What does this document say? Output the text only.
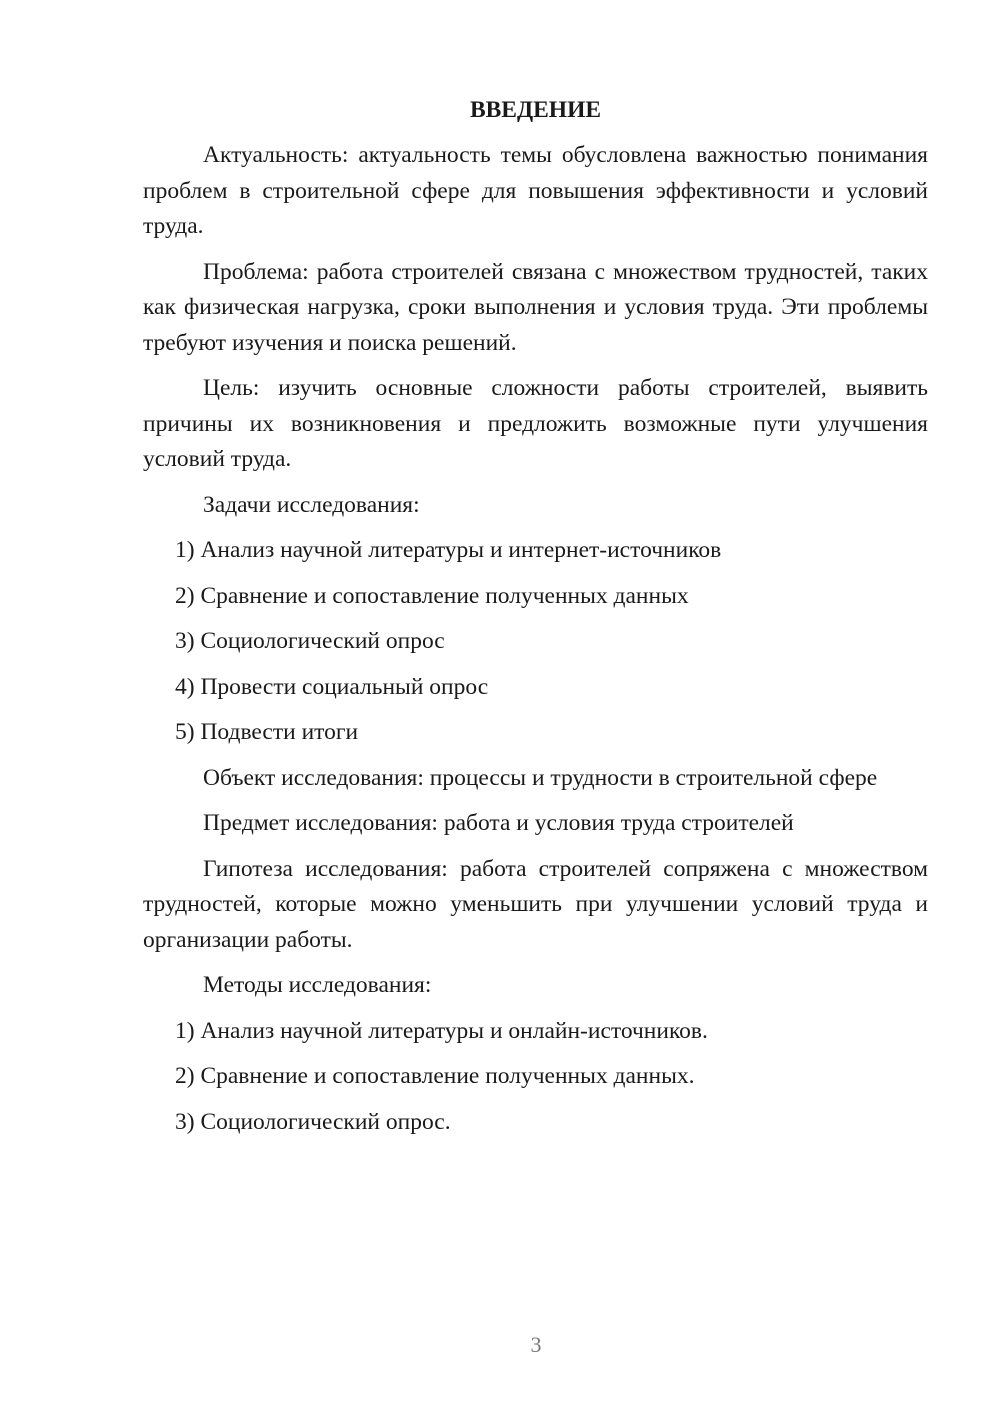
ВВЕДЕНИЕ

Актуальность: актуальность темы обусловлена важностью понимания проблем в строительной сфере для повышения эффективности и условий труда.

Проблема: работа строителей связана с множеством трудностей, таких как физическая нагрузка, сроки выполнения и условия труда. Эти проблемы требуют изучения и поиска решений.

Цель: изучить основные сложности работы строителей, выявить причины их возникновения и предложить возможные пути улучшения условий труда.

Задачи исследования:

1) Анализ научной литературы и интернет-источников
2) Сравнение и сопоставление полученных данных
3) Социологический опрос
4) Провести социальный опрос
5) Подвести итоги

Объект исследования: процессы и трудности в строительной сфере

Предмет исследования: работа и условия труда строителей

Гипотеза исследования: работа строителей сопряжена с множеством трудностей, которые можно уменьшить при улучшении условий труда и организации работы.

Методы исследования:

1) Анализ научной литературы и онлайн-источников.
2) Сравнение и сопоставление полученных данных.
3) Социологический опрос.
3
